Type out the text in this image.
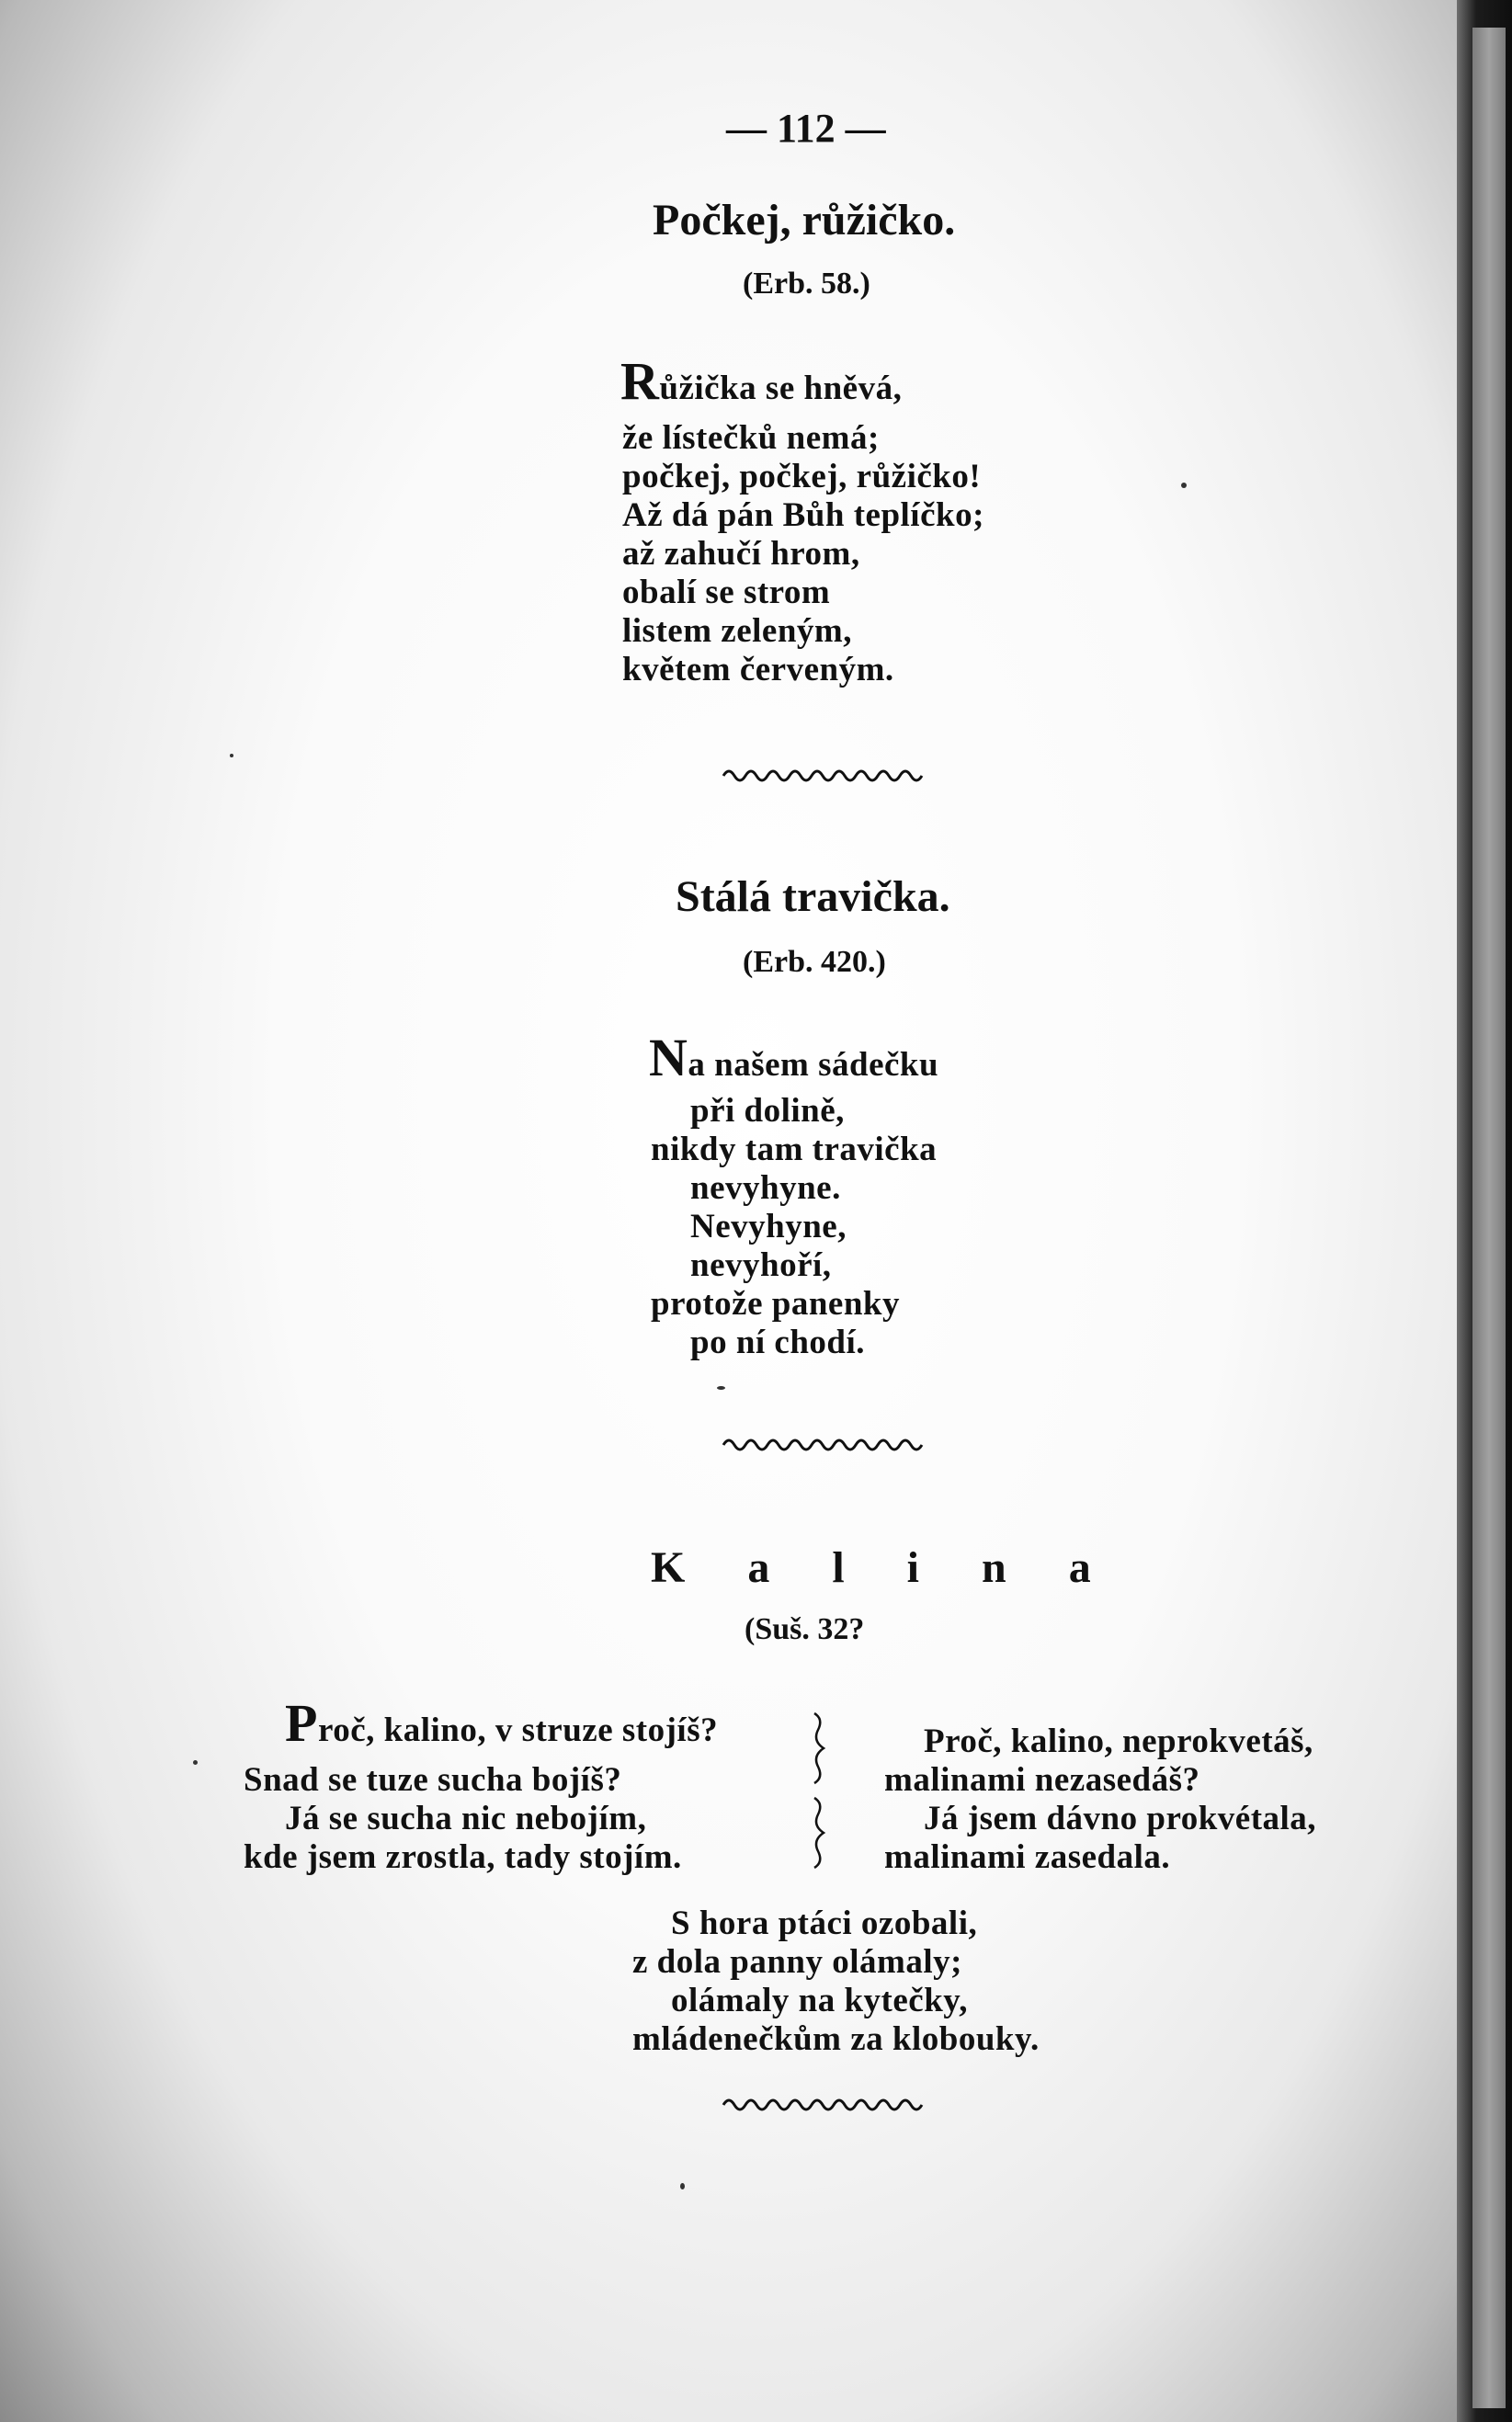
— 112 —
Počkej, růžičko.
(Erb. 58.)
Růžička se hněvá,
že lístečků nemá;
počkej, počkej, růžičko!
Až dá pán Bůh teplíčko;
až zahučí hrom,
obalí se strom
listem zeleným,
květem červeným.
Stálá travička.
(Erb. 420.)
Na našem sádečku
při dolině,
nikdy tam travička
nevyhyne.
Nevyhyne,
nevyhoří,
protože panenky
po ní chodí.
K a l i n a
(Suš. 32?
Proč, kalino, v struze stojíš?
Snad se tuze sucha bojíš?
Já se sucha nic nebojím,
kde jsem zrostla, tady stojím.
Proč, kalino, neprokvetáš,
malinami nezasedáš?
Já jsem dávno prokvétala,
malinami zasedala.
S hora ptáci ozobali,
z dola panny olámaly;
olámaly na kytečky,
mládenečkům za klobouky.
